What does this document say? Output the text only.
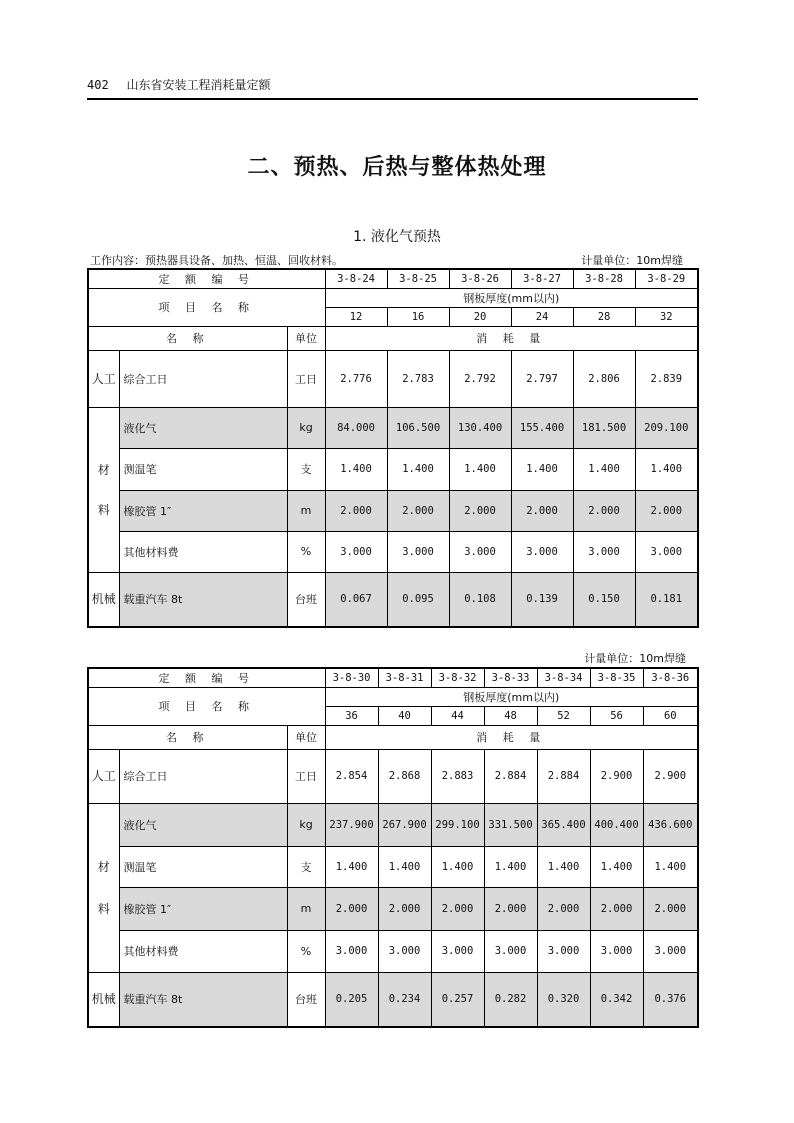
402 山东省安装工程消耗量定额
二、预热、后热与整体热处理
1. 液化气预热
工作内容：预热器具设备、加热、恒温、回收材料。	计量单位：10m焊缝
定 额 编 号			3-8-24	3-8-25	3-8-26	3-8-27	3-8-28	3-8-29
项 目 名 称			钢板厚度(mm以内)					
			12	16	20	24	28	32
名 称		单位	消 耗 量					
人工	综合工日	工日	2.776	2.783	2.792	2.797	2.806	2.839

材
料	液化气	kg	84.000	106.500	130.400	155.400	181.500	209.100
	测温笔	支	1.400	1.400	1.400	1.400	1.400	1.400
	橡胶管 1″	m	2.000	2.000	2.000	2.000	2.000	2.000
	其他材料费	%	3.000	3.000	3.000	3.000	3.000	3.000
机械	载重汽车 8t	台班	0.067	0.095	0.108	0.139	0.150	0.181
计量单位：10m焊缝
定 额 编 号			3-8-30	3-8-31	3-8-32	3-8-33	3-8-34	3-8-35	3-8-36
项 目 名 称			钢板厚度(mm以内)						
			36	40	44	48	52	56	60
名 称		单位	消 耗 量						
人工	综合工日	工日	2.854	2.868	2.883	2.884	2.884	2.900	2.900

材
料	液化气	kg	237.900	267.900	299.100	331.500	365.400	400.400	436.600
	测温笔	支	1.400	1.400	1.400	1.400	1.400	1.400	1.400
	橡胶管 1″	m	2.000	2.000	2.000	2.000	2.000	2.000	2.000
	其他材料费	%	3.000	3.000	3.000	3.000	3.000	3.000	3.000
机械	载重汽车 8t	台班	0.205	0.234	0.257	0.282	0.320	0.342	0.376
